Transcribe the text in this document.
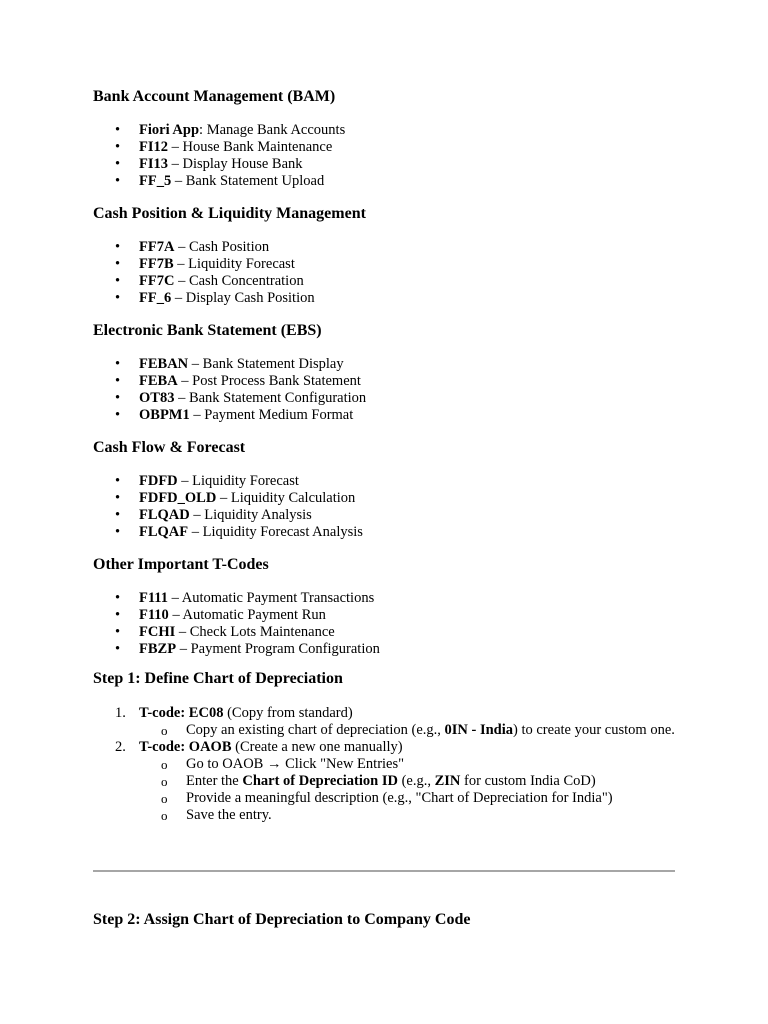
Bank Account Management (BAM)
• Fiori App: Manage Bank Accounts
• FI12 – House Bank Maintenance
• FI13 – Display House Bank
• FF_5 – Bank Statement Upload
Cash Position & Liquidity Management
• FF7A – Cash Position
• FF7B – Liquidity Forecast
• FF7C – Cash Concentration
• FF_6 – Display Cash Position
Electronic Bank Statement (EBS)
• FEBAN – Bank Statement Display
• FEBA – Post Process Bank Statement
• OT83 – Bank Statement Configuration
• OBPM1 – Payment Medium Format
Cash Flow & Forecast
• FDFD – Liquidity Forecast
• FDFD_OLD – Liquidity Calculation
• FLQAD – Liquidity Analysis
• FLQAF – Liquidity Forecast Analysis
Other Important T-Codes
• F111 – Automatic Payment Transactions
• F110 – Automatic Payment Run
• FCHI – Check Lots Maintenance
• FBZP – Payment Program Configuration
Step 1: Define Chart of Depreciation
1. T-code: EC08 (Copy from standard)
o Copy an existing chart of depreciation (e.g., 0IN - India) to create your custom one.
2. T-code: OAOB (Create a new one manually)
o Go to OAOB → Click "New Entries"
o Enter the Chart of Depreciation ID (e.g., ZIN for custom India CoD)
o Provide a meaningful description (e.g., "Chart of Depreciation for India")
o Save the entry.
Step 2: Assign Chart of Depreciation to Company Code
